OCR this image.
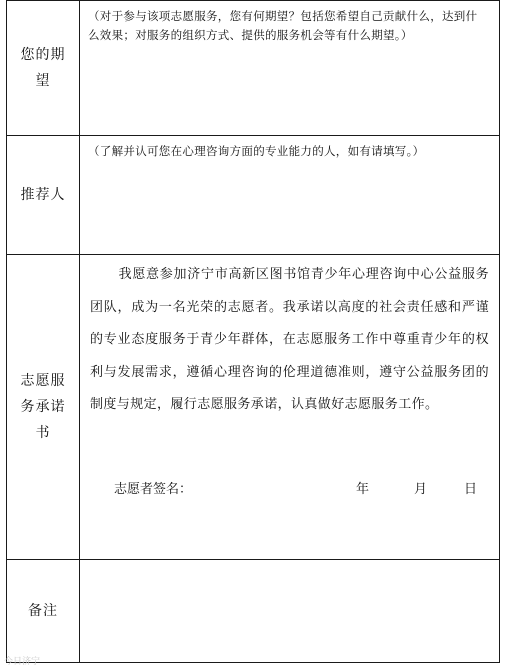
您的期望	（对于参与该项志愿服务，您有何期望？包括您希望自己贡献什么，达到什么效果；对服务的组织方式、提供的服务机会等有什么期望。）

推荐人	（了解并认可您在心理咨询方面的专业能力的人，如有请填写。）

志愿服务承诺书	我愿意参加济宁市高新区图书馆青少年心理咨询中心公益服务团队，成为一名光荣的志愿者。我承诺以高度的社会责任感和严谨的专业态度服务于青少年群体，在志愿服务工作中尊重青少年的权利与发展需求，遵循心理咨询的伦理道德准则，遵守公益服务团的制度与规定，履行志愿服务承诺，认真做好志愿服务工作。

志愿者签名： 年 月 日

备注	
今日济宁
